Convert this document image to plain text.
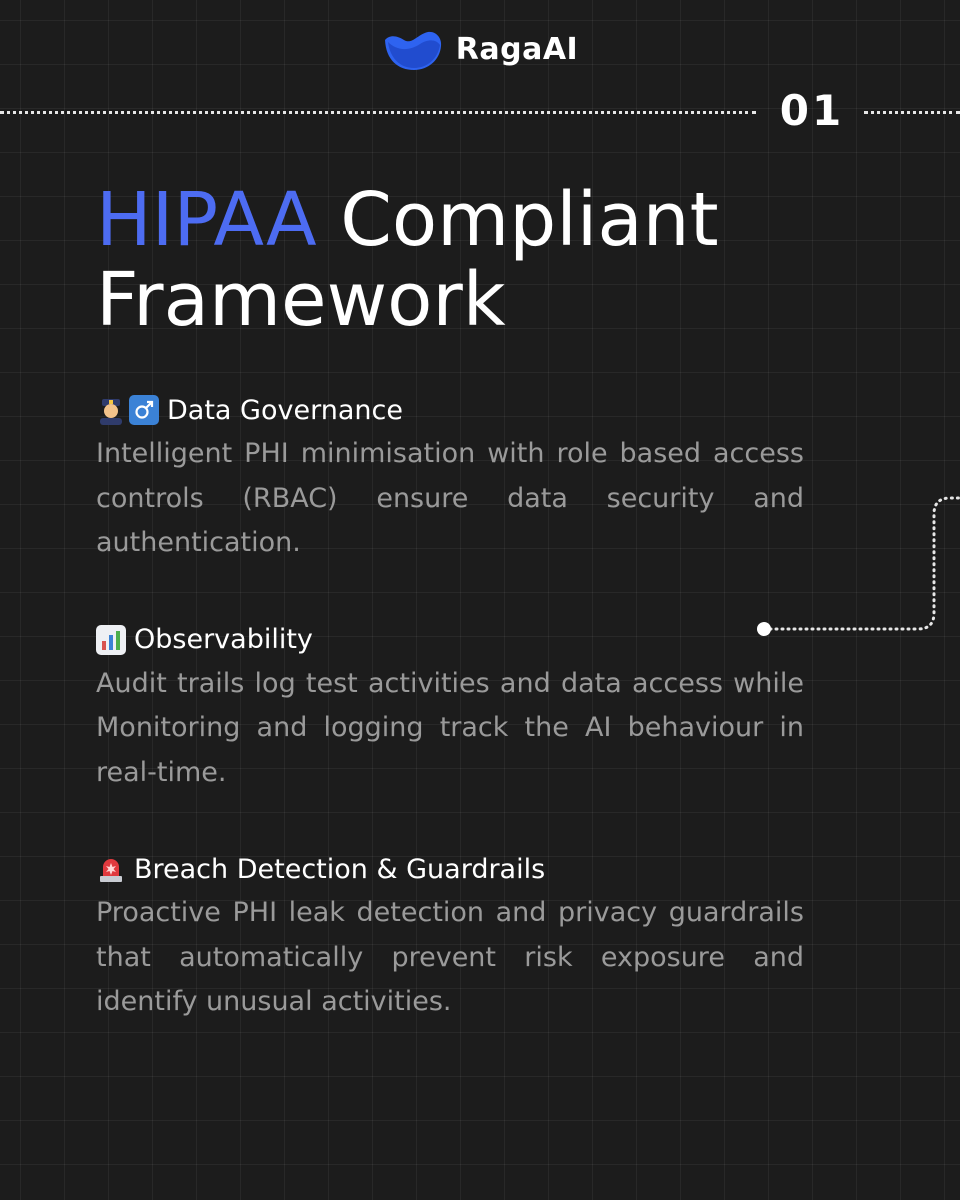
RagaAI
01
HIPAA Compliant
Framework
Data Governance

Intelligent PHI minimisation with role based access controls (RBAC) ensure data security and authentication.

Observability

Audit trails log test activities and data access while Monitoring and logging track the AI behaviour in real-time.

Breach Detection & Guardrails

Proactive PHI leak detection and privacy guardrails that automatically prevent risk exposure and identify unusual activities.
